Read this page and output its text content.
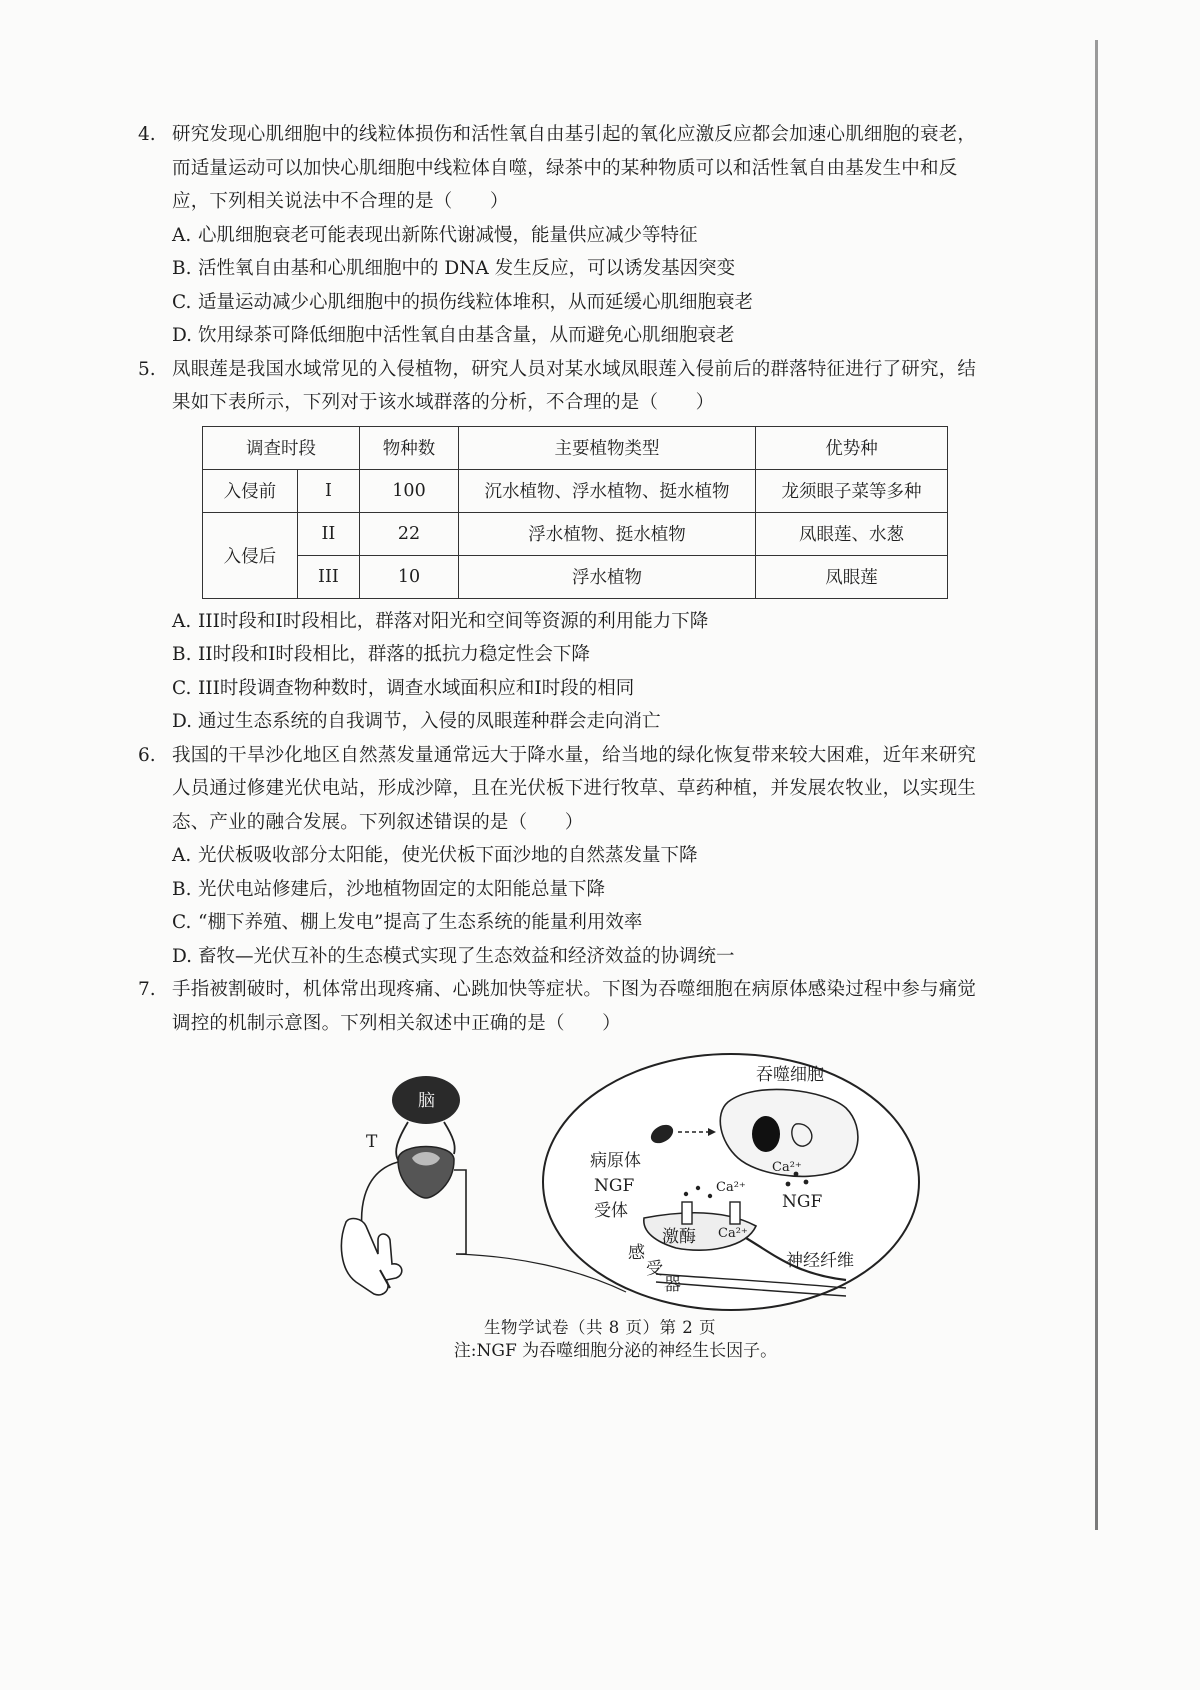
4. 研究发现心肌细胞中的线粒体损伤和活性氧自由基引起的氧化应激反应都会加速心肌细胞的衰老，而适量运动可以加快心肌细胞中线粒体自噬，绿茶中的某种物质可以和活性氧自由基发生中和反应，下列相关说法中不合理的是（　　）
A. 心肌细胞衰老可能表现出新陈代谢减慢，能量供应减少等特征
B. 活性氧自由基和心肌细胞中的 DNA 发生反应，可以诱发基因突变
C. 适量运动减少心肌细胞中的损伤线粒体堆积，从而延缓心肌细胞衰老
D. 饮用绿茶可降低细胞中活性氧自由基含量，从而避免心肌细胞衰老
5. 凤眼莲是我国水域常见的入侵植物，研究人员对某水域凤眼莲入侵前后的群落特征进行了研究，结果如下表所示，下列对于该水域群落的分析，不合理的是（　　）
调查时段		物种数	主要植物类型	优势种
入侵前	I	100	沉水植物、浮水植物、挺水植物	龙须眼子菜等多种
入侵后	II	22	浮水植物、挺水植物	凤眼莲、水葱
	III	10	浮水植物	凤眼莲
A. III时段和I时段相比，群落对阳光和空间等资源的利用能力下降
B. II时段和I时段相比，群落的抵抗力稳定性会下降
C. III时段调查物种数时，调查水域面积应和I时段的相同
D. 通过生态系统的自我调节，入侵的凤眼莲种群会走向消亡
6. 我国的干旱沙化地区自然蒸发量通常远大于降水量，给当地的绿化恢复带来较大困难，近年来研究人员通过修建光伏电站，形成沙障，且在光伏板下进行牧草、草药种植，并发展农牧业，以实现生态、产业的融合发展。下列叙述错误的是（　　）
A. 光伏板吸收部分太阳能，使光伏板下面沙地的自然蒸发量下降
B. 光伏电站修建后，沙地植物固定的太阳能总量下降
C. “棚下养殖、棚上发电”提高了生态系统的能量利用效率
D. 畜牧—光伏互补的生态模式实现了生态效益和经济效益的协调统一
7. 手指被割破时，机体常出现疼痛、心跳加快等症状。下图为吞噬细胞在病原体感染过程中参与痛觉调控的机制示意图。下列相关叙述中正确的是（　　）
脑
T
吞噬细胞
病原体	Ca²⁺
NGF
受体
Ca²⁺
NGF
激酶 Ca²⁺
感
受
器
神经纤维
注:NGF 为吞噬细胞分泌的神经生长因子。
生物学试卷（共 8 页）第 2 页
